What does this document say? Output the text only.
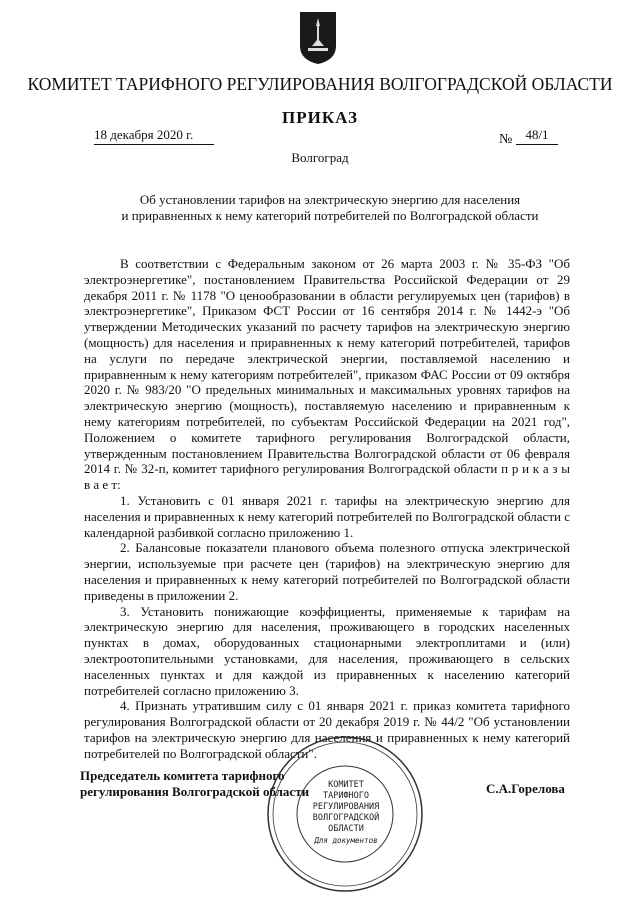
КОМИТЕТ ТАРИФНОГО РЕГУЛИРОВАНИЯ ВОЛГОГРАДСКОЙ ОБЛАСТИ
ПРИКАЗ
18 декабря 2020 г.	№	48/1
Волгоград
Об установлении тарифов на электрическую энергию для населения
и приравненных к нему категорий потребителей по Волгоградской области

В соответствии с Федеральным законом от 26 марта 2003 г. № 35-ФЗ "Об электроэнергетике", постановлением Правительства Российской Федерации от 29 декабря 2011 г. № 1178 "О ценообразовании в области регулируемых цен (тарифов) в электроэнергетике", Приказом ФСТ России от 16 сентября 2014 г. № 1442-э "Об утверждении Методических указаний по расчету тарифов на электрическую энергию (мощность) для населения и приравненных к нему категорий потребителей, тарифов на услуги по передаче электрической энергии, поставляемой населению и приравненным к нему категориям потребителей", приказом ФАС России от 09 октября 2020 г. № 983/20 "О предельных минимальных и максимальных уровнях тарифов на электрическую энергию (мощность), поставляемую населению и приравненным к нему категориям потребителей, по субъектам Российской Федерации на 2021 год", Положением о комитете тарифного регулирования Волгоградской области, утвержденным постановлением Правительства Волгоградской области от 06 февраля 2014 г. № 32-п, комитет тарифного регулирования Волгоградской области п р и к а з ы в а е т:

1. Установить с 01 января 2021 г. тарифы на электрическую энергию для населения и приравненных к нему категорий потребителей по Волгоградской области с календарной разбивкой согласно приложению 1.

2. Балансовые показатели планового объема полезного отпуска электрической энергии, используемые при расчете цен (тарифов) на электрическую энергию для населения и приравненных к нему категорий потребителей по Волгоградской области приведены в приложении 2.

3. Установить понижающие коэффициенты, применяемые к тарифам на электрическую энергию для населения, проживающего в городских населенных пунктах в домах, оборудованных стационарными электроплитами и (или) электроотопительными установками, для населения, проживающего в сельских населенных пунктах и для каждой из приравненных к населению категорий потребителей согласно приложению 3.

4. Признать утратившим силу с 01 января 2021 г. приказ комитета тарифного регулирования Волгоградской области от 20 декабря 2019 г. № 44/2 "Об установлении тарифов на электрическую энергию для населения и приравненных к нему категорий потребителей по Волгоградской области".

КОМИТЕТ
ТАРИФНОГО
РЕГУЛИРОВАНИЯ
ВОЛГОГРАДСКОЙ
ОБЛАСТИ
Для документов
Председатель комитета тарифного
регулирования Волгоградской области	С.А.Горелова
